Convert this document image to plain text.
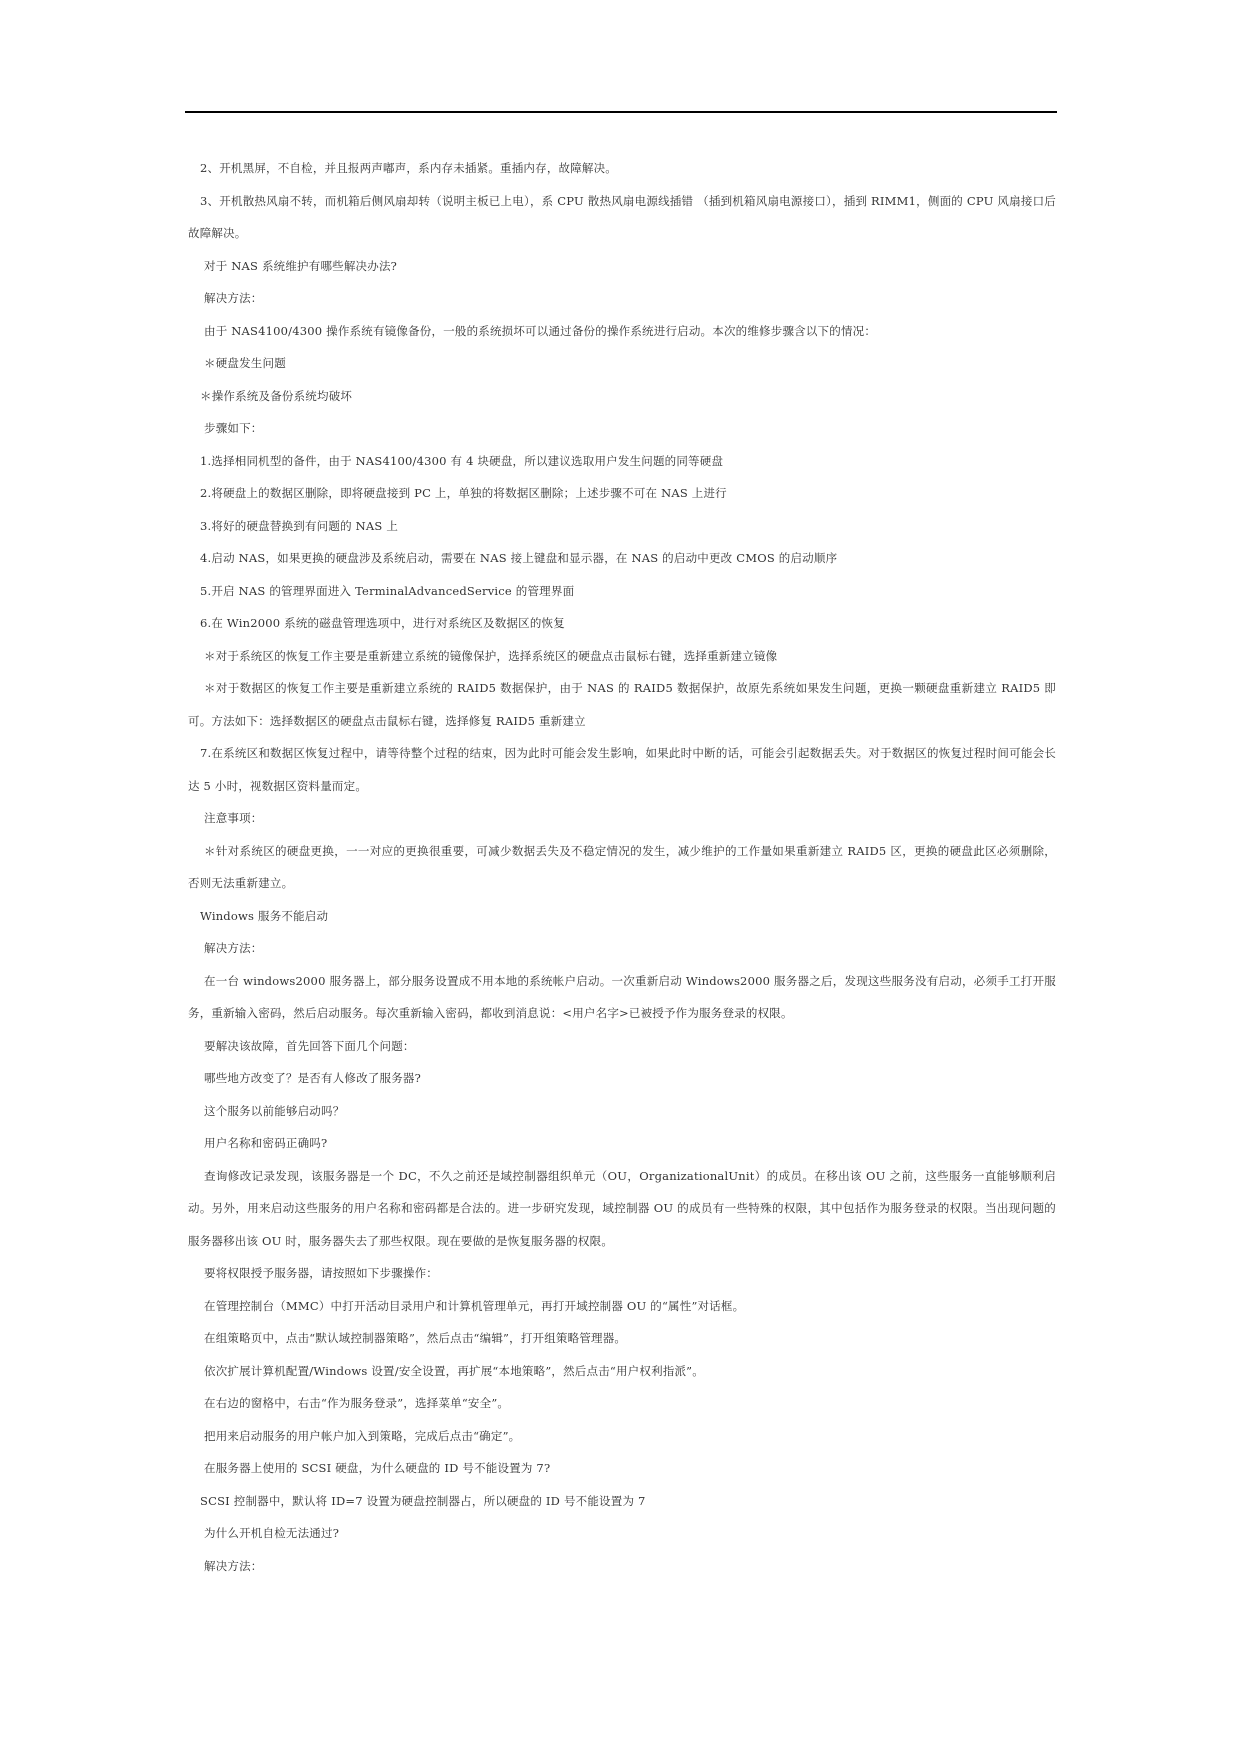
2、开机黑屏，不自检，并且报两声嘟声，系内存未插紧。重插内存，故障解决。

3、开机散热风扇不转，而机箱后侧风扇却转（说明主板已上电），系 CPU 散热风扇电源线插错 （插到机箱风扇电源接口），插到 RIMM1，侧面的 CPU 风扇接口后故障解决。

对于 NAS 系统维护有哪些解决办法?

解决方法：

由于 NAS4100/4300 操作系统有镜像备份，一般的系统损坏可以通过备份的操作系统进行启动。本次的维修步骤含以下的情况：

＊硬盘发生问题

＊操作系统及备份系统均破坏

步骤如下：

1.选择相同机型的备件，由于 NAS4100/4300 有 4 块硬盘，所以建议选取用户发生问题的同等硬盘

2.将硬盘上的数据区删除，即将硬盘接到 PC 上，单独的将数据区删除；上述步骤不可在 NAS 上进行

3.将好的硬盘替换到有问题的 NAS 上

4.启动 NAS，如果更换的硬盘涉及系统启动，需要在 NAS 接上键盘和显示器，在 NAS 的启动中更改 CMOS 的启动顺序

5.开启 NAS 的管理界面进入 TerminalAdvancedService 的管理界面

6.在 Win2000 系统的磁盘管理选项中，进行对系统区及数据区的恢复

＊对于系统区的恢复工作主要是重新建立系统的镜像保护，选择系统区的硬盘点击鼠标右键，选择重新建立镜像

＊对于数据区的恢复工作主要是重新建立系统的 RAID5 数据保护，由于 NAS 的 RAID5 数据保护，故原先系统如果发生问题，更换一颗硬盘重新建立 RAID5 即可。方法如下：选择数据区的硬盘点击鼠标右键，选择修复 RAID5 重新建立

7.在系统区和数据区恢复过程中，请等待整个过程的结束，因为此时可能会发生影响，如果此时中断的话，可能会引起数据丢失。对于数据区的恢复过程时间可能会长达 5 小时，视数据区资料量而定。

注意事项：

＊针对系统区的硬盘更换，一一对应的更换很重要，可减少数据丢失及不稳定情况的发生，减少维护的工作量如果重新建立 RAID5 区，更换的硬盘此区必须删除，否则无法重新建立。

Windows 服务不能启动

解决方法：

在一台 windows2000 服务器上，部分服务设置成不用本地的系统帐户启动。一次重新启动 Windows2000 服务器之后，发现这些服务没有启动，必须手工打开服务，重新输入密码，然后启动服务。每次重新输入密码，都收到消息说：<用户名字>已被授予作为服务登录的权限。

要解决该故障，首先回答下面几个问题：

哪些地方改变了？是否有人修改了服务器?

这个服务以前能够启动吗？

用户名称和密码正确吗?

查询修改记录发现，该服务器是一个 DC，不久之前还是域控制器组织单元（OU，OrganizationalUnit）的成员。在移出该 OU 之前，这些服务一直能够顺利启动。另外，用来启动这些服务的用户名称和密码都是合法的。进一步研究发现，域控制器 OU 的成员有一些特殊的权限，其中包括作为服务登录的权限。当出现问题的服务器移出该 OU 时，服务器失去了那些权限。现在要做的是恢复服务器的权限。

要将权限授予服务器，请按照如下步骤操作：

在管理控制台（MMC）中打开活动目录用户和计算机管理单元，再打开域控制器 OU 的“属性”对话框。

在组策略页中，点击“默认域控制器策略”，然后点击“编辑”，打开组策略管理器。

依次扩展计算机配置/Windows 设置/安全设置，再扩展“本地策略”，然后点击“用户权利指派”。

在右边的窗格中，右击“作为服务登录”，选择菜单“安全”。

把用来启动服务的用户帐户加入到策略，完成后点击“确定”。

在服务器上使用的 SCSI 硬盘，为什么硬盘的 ID 号不能设置为 7?

SCSI 控制器中，默认将 ID=7 设置为硬盘控制器占，所以硬盘的 ID 号不能设置为 7

为什么开机自检无法通过?

解决方法：
